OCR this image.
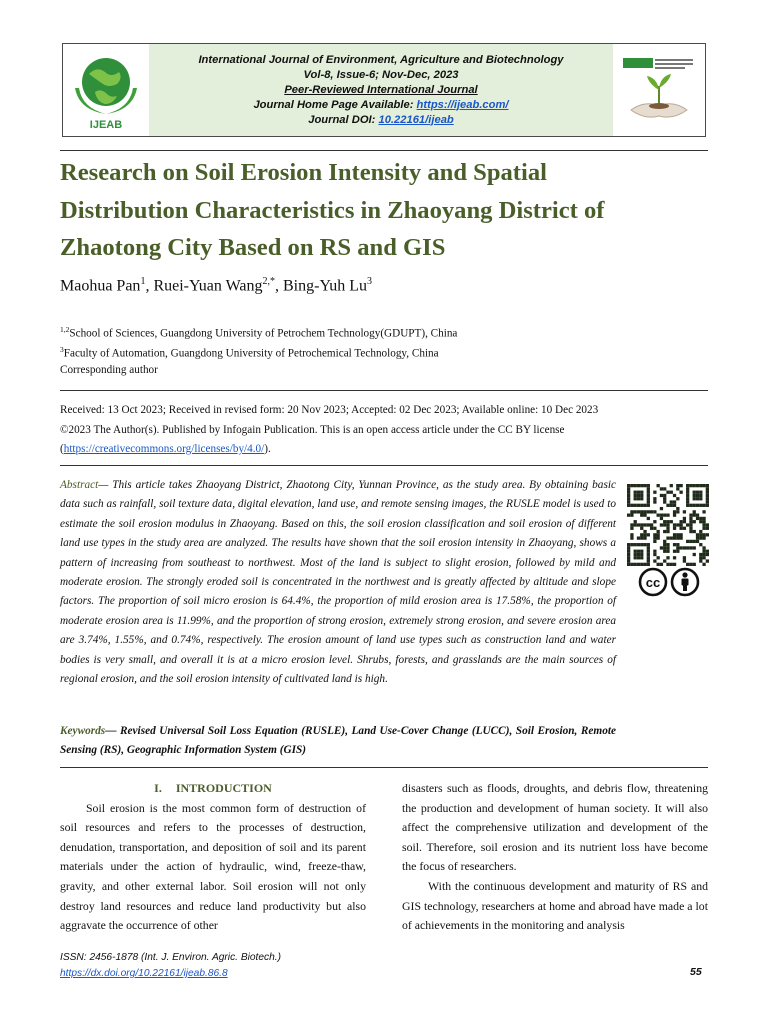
IJEAB
International Journal of Environment, Agriculture and Biotechnology
Vol-8, Issue-6; Nov-Dec, 2023
Peer-Reviewed International Journal
Journal Home Page Available: https://ijeab.com/
Journal DOI: 10.22161/ijeab
Research on Soil Erosion Intensity and Spatial Distribution Characteristics in Zhaoyang District of Zhaotong City Based on RS and GIS
Maohua Pan$^1$, Ruei-Yuan Wang$^{2,*}$, Bing-Yuh Lu$^3$
$^{1,2}$School of Sciences, Guangdong University of Petrochem Technology(GDUPT), China
$^3$Faculty of Automation, Guangdong University of Petrochemical Technology, China
Corresponding author
Received: 13 Oct 2023; Received in revised form: 20 Nov 2023; Accepted: 02 Dec 2023; Available online: 10 Dec 2023
©2023 The Author(s). Published by Infogain Publication. This is an open access article under the CC BY license
(https://creativecommons.org/licenses/by/4.0/).

Abstract— This article takes Zhaoyang District, Zhaotong City, Yunnan Province, as the study area. By obtaining basic data such as rainfall, soil texture data, digital elevation, land use, and remote sensing images, the RUSLE model is used to estimate the soil erosion modulus in Zhaoyang. Based on this, the soil erosion classification and soil erosion of different land use types in the study area are analyzed. The results have shown that the soil erosion intensity in Zhaoyang, shows a pattern of increasing from southeast to northwest. Most of the land is subject to slight erosion, followed by mild and moderate erosion. The strongly eroded soil is concentrated in the northwest and is greatly affected by altitude and slope factors. The proportion of soil micro erosion is 64.4%, the proportion of mild erosion area is 17.58%, the proportion of moderate erosion area is 11.99%, and the proportion of strong erosion, extremely strong erosion, and severe erosion area are 3.74%, 1.55%, and 0.74%, respectively. The erosion amount of land use types such as construction land and water bodies is very small, and overall it is at a micro erosion level. Shrubs, forests, and grasslands are the main sources of regional erosion, and the soil erosion intensity of cultivated land is high.

Keywords— Revised Universal Soil Loss Equation (RUSLE), Land Use-Cover Change (LUCC), Soil Erosion, Remote Sensing (RS), Geographic Information System (GIS)

cc

I. INTRODUCTION

Soil erosion is the most common form of destruction of soil resources and refers to the processes of destruction, denudation, transportation, and deposition of soil and its parent materials under the action of hydraulic, wind, freeze-thaw, gravity, and other external labor. Soil erosion will not only destroy land resources and reduce land productivity but also aggravate the occurrence of other

disasters such as floods, droughts, and debris flow, threatening the production and development of human society. It will also affect the comprehensive utilization and development of the soil. Therefore, soil erosion and its nutrient loss have become the focus of researchers.

With the continuous development and maturity of RS and GIS technology, researchers at home and abroad have made a lot of achievements in the monitoring and analysis

ISSN: 2456-1878 (Int. J. Environ. Agric. Biotech.)
https://dx.doi.org/10.22161/ijeab.86.8	55
